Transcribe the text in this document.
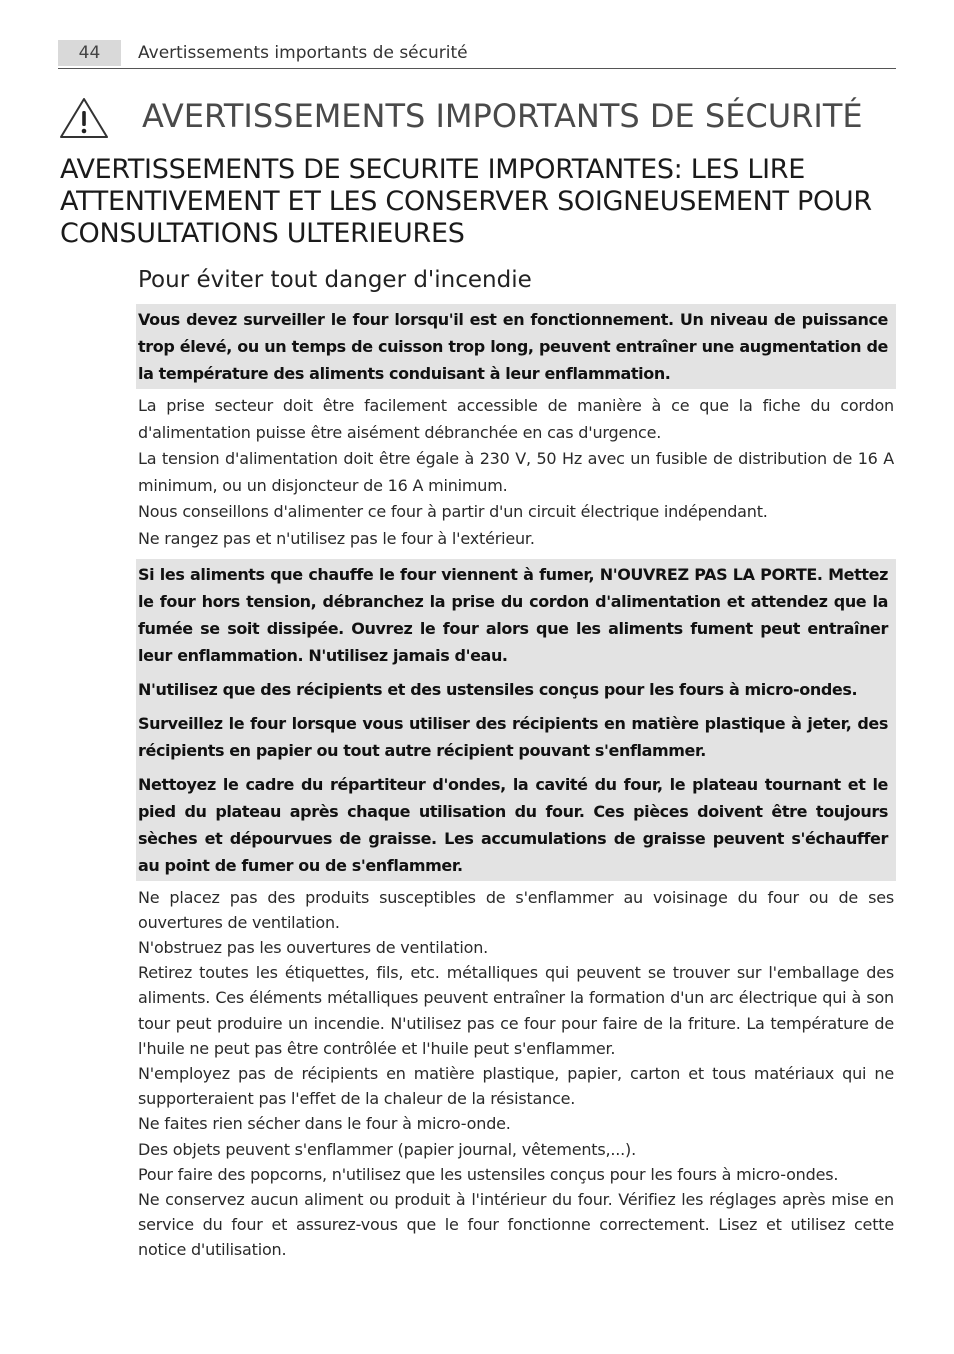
44	Avertissements importants de sécurité
AVERTISSEMENTS IMPORTANTS DE SÉCURITÉ
AVERTISSEMENTS DE SECURITE IMPORTANTES: LES LIRE ATTENTIVEMENT ET LES CONSERVER SOIGNEUSEMENT POUR CONSULTATIONS ULTERIEURES
Pour éviter tout danger d'incendie

Vous devez surveiller le four lorsqu'il est en fonctionnement. Un niveau de puissance trop élevé, ou un temps de cuisson trop long, peuvent entraîner une augmentation de la température des aliments conduisant à leur enflammation.

La prise secteur doit être facilement accessible de manière à ce que la fiche du cordon d'alimentation puisse être aisément débranchée en cas d'urgence.

La tension d'alimentation doit être égale à 230 V, 50 Hz avec un fusible de distribution de 16 A minimum, ou un disjoncteur de 16 A minimum.

Nous conseillons d'alimenter ce four à partir d'un circuit électrique indépendant.

Ne rangez pas et n'utilisez pas le four à l'extérieur.

Si les aliments que chauffe le four viennent à fumer, N'OUVREZ PAS LA PORTE. Mettez le four hors tension, débranchez la prise du cordon d'alimentation et attendez que la fumée se soit dissipée. Ouvrez le four alors que les aliments fument peut entraîner leur enflammation. N'utilisez jamais d'eau.

N'utilisez que des récipients et des ustensiles conçus pour les fours à micro-ondes.

Surveillez le four lorsque vous utiliser des récipients en matière plastique à jeter, des récipients en papier ou tout autre récipient pouvant s'enflammer.

Nettoyez le cadre du répartiteur d'ondes, la cavité du four, le plateau tournant et le pied du plateau après chaque utilisation du four. Ces pièces doivent être toujours sèches et dépourvues de graisse. Les accumulations de graisse peuvent s'échauffer au point de fumer ou de s'enflammer.

Ne placez pas des produits susceptibles de s'enflammer au voisinage du four ou de ses ouvertures de ventilation.

N'obstruez pas les ouvertures de ventilation.

Retirez toutes les étiquettes, fils, etc. métalliques qui peuvent se trouver sur l'emballage des aliments. Ces éléments métalliques peuvent entraîner la formation d'un arc électrique qui à son tour peut produire un incendie. N'utilisez pas ce four pour faire de la friture. La température de l'huile ne peut pas être contrôlée et l'huile peut s'enflammer.

N'employez pas de récipients en matière plastique, papier, carton et tous matériaux qui ne supporteraient pas l'effet de la chaleur de la résistance.

Ne faites rien sécher dans le four à micro-onde.

Des objets peuvent s'enflammer (papier journal, vêtements,...).

Pour faire des popcorns, n'utilisez que les ustensiles conçus pour les fours à micro-ondes.

Ne conservez aucun aliment ou produit à l'intérieur du four. Vérifiez les réglages après mise en service du four et assurez-vous que le four fonctionne correctement. Lisez et utilisez cette notice d'utilisation.
